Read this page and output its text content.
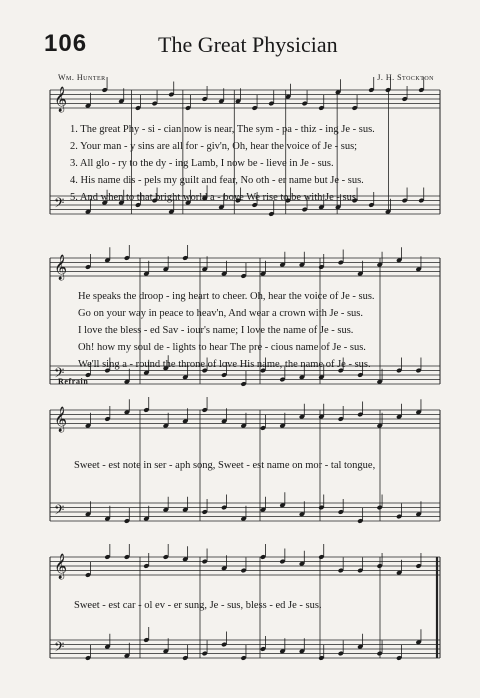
106	The Great Physician
Wm. Hunter	J. H. Stockton
𝄞
𝄢
𝄞
𝄢
𝄞
𝄢
𝄞
𝄢
1. The great Phy - si - cian now is near, The sym - pa - thiz - ing Je - sus.
2. Your man - y sins are all for - giv'n, Oh, hear the voice of Je - sus;
3. All glo - ry to the dy - ing Lamb, I now be - lieve in Je - sus.
4. His name dis - pels my guilt and fear, No oth - er name but Je - sus.
5. And when to that bright world a - bove We rise to be with Je - sus.
He speaks the droop - ing heart to cheer. Oh, hear the voice of Je - sus.
Go on your way in peace to heav'n, And wear a crown with Je - sus.
I love the bless - ed Sav - iour's name; I love the name of Je - sus.
Oh! how my soul de - lights to hear The pre - cious name of Je - sus.
We'll sing a - round the throne of love His name, the name of Je - sus.
Refrain
Sweet - est note in ser - aph song, Sweet - est name on mor - tal tongue,
Sweet - est car - ol ev - er sung, Je - sus, bless - ed Je - sus.
